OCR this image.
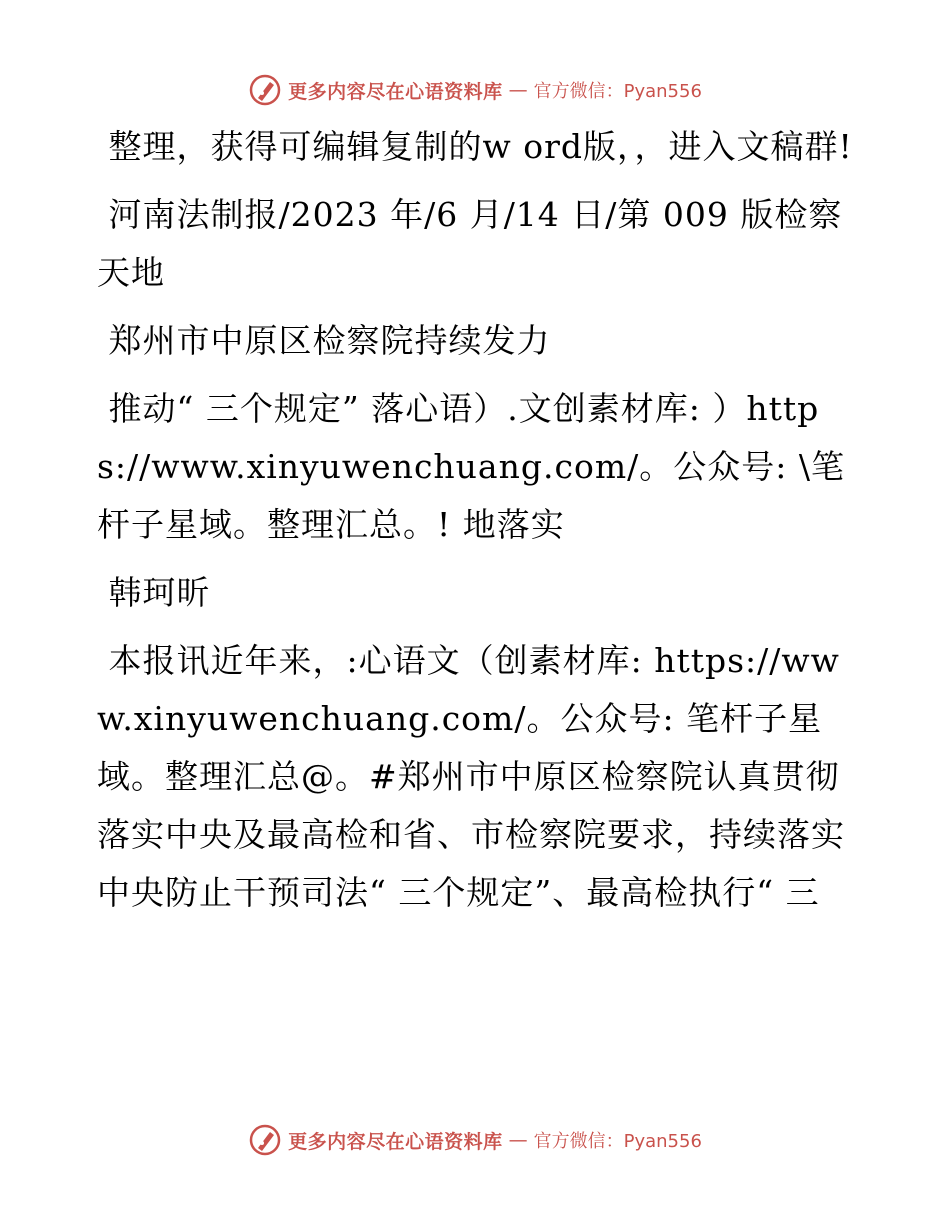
更多内容尽在心语资料库 — 官方微信：Pyan556

整理，获得可编辑复制的w ord版，，进入文稿群!

河南法制报/2023 年/6 月/14 日/第 009 版检察天地

郑州市中原区检察院持续发力

推动“ 三个规定” 落心语）.文创素材库: ）https://www.xinyuwenchuang.com/。公众号: \笔杆子星域。整理汇总。! 地落实

韩珂昕

本报讯近年来，:心语文（创素材库: https://www.xinyuwenchuang.com/。公众号: 笔杆子星域。整理汇总@。#郑州市中原区检察院认真贯彻落实中央及最高检和省、市检察院要求，持续落实中央防止干预司法“ 三个规定”、最高检执行“ 三

更多内容尽在心语资料库 — 官方微信：Pyan556
